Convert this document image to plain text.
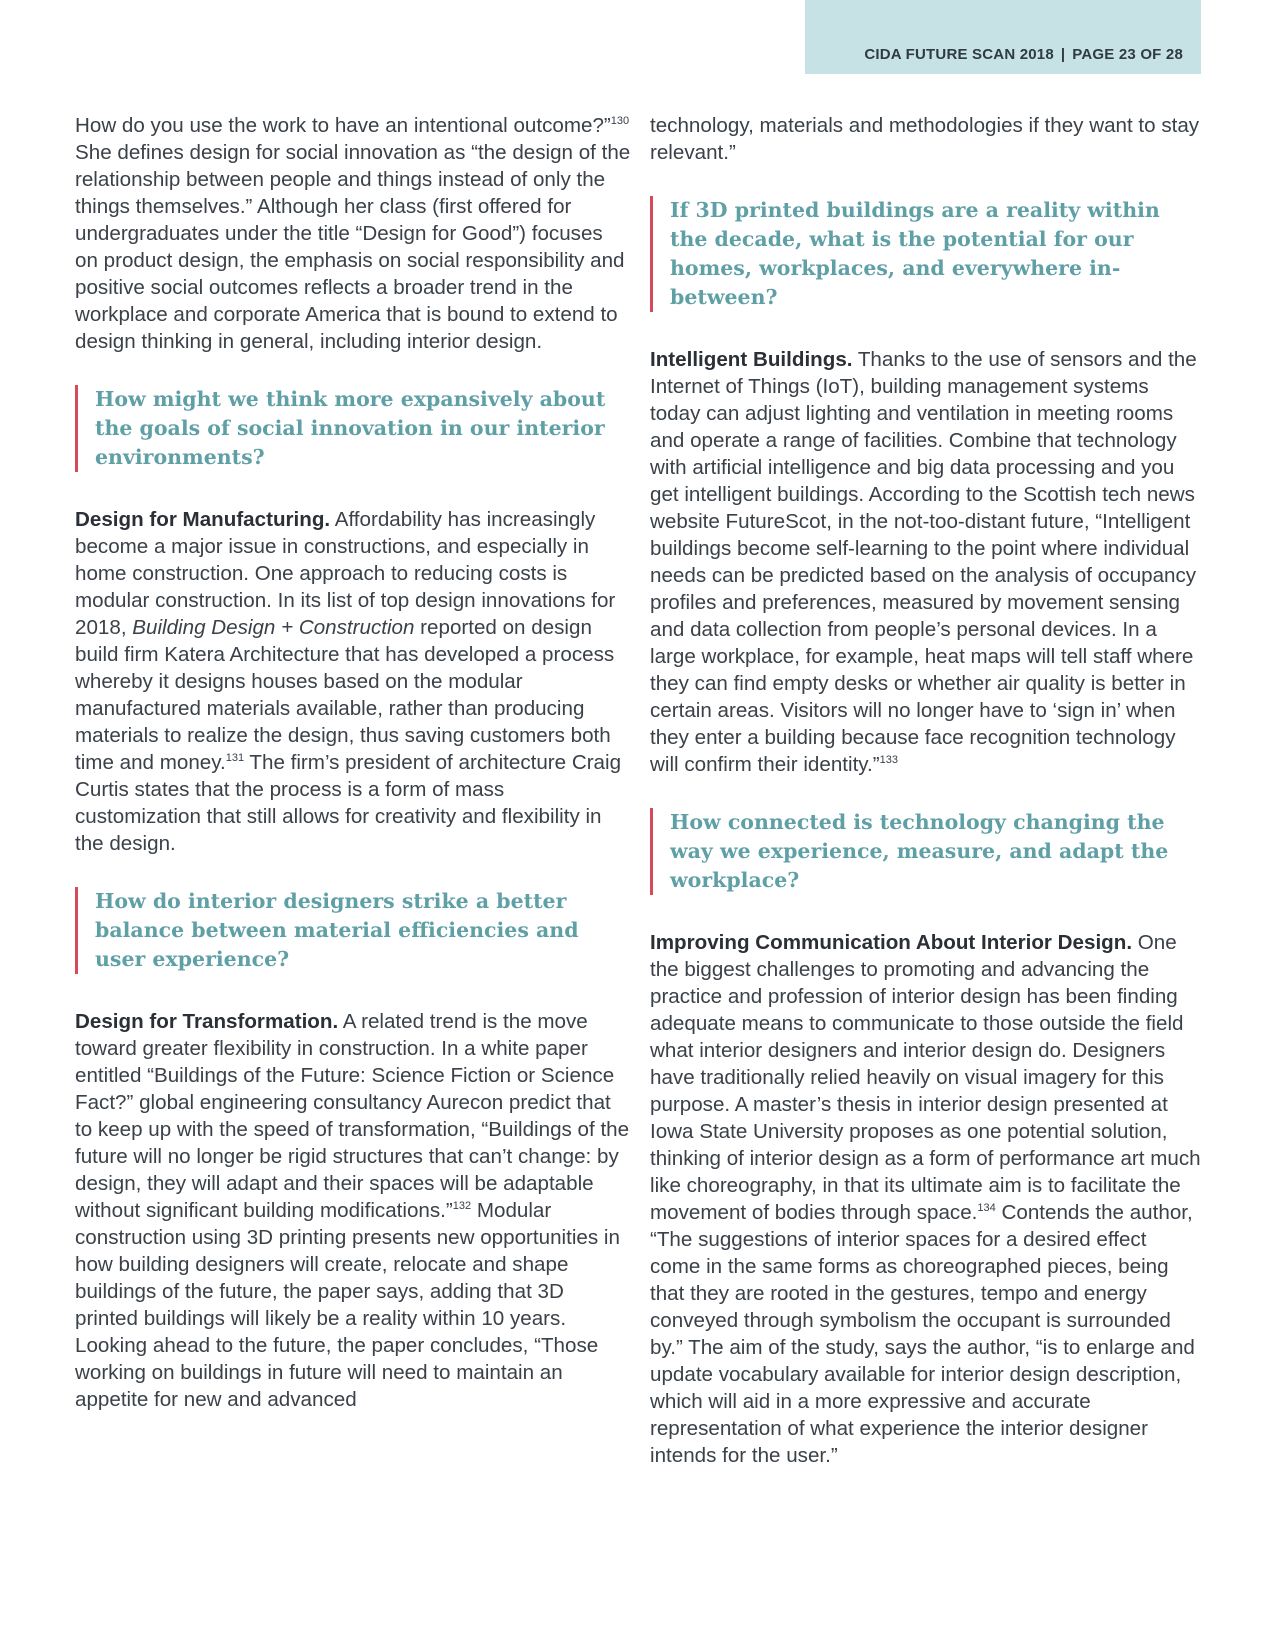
CIDA FUTURE SCAN 2018 | PAGE 23 OF 28

How do you use the work to have an intentional outcome?”$^{130}$ She defines design for social innovation as “the design of the relationship between people and things instead of only the things themselves.” Although her class (first offered for undergraduates under the title “Design for Good”) focuses on product design, the emphasis on social responsibility and positive social outcomes reflects a broader trend in the workplace and corporate America that is bound to extend to design thinking in general, including interior design.

How might we think more expansively about the goals of social innovation in our interior environments?

Design for Manufacturing. Affordability has increasingly become a major issue in constructions, and especially in home construction. One approach to reducing costs is modular construction. In its list of top design innovations for 2018, Building Design + Construction reported on design build firm Katera Architecture that has developed a process whereby it designs houses based on the modular manufactured materials available, rather than producing materials to realize the design, thus saving customers both time and money.$^{131}$ The firm’s president of architecture Craig Curtis states that the process is a form of mass customization that still allows for creativity and flexibility in the design.

How do interior designers strike a better balance between material efficiencies and user experience?

Design for Transformation. A related trend is the move toward greater flexibility in construction. In a white paper entitled “Buildings of the Future: Science Fiction or Science Fact?” global engineering consultancy Aurecon predict that to keep up with the speed of transformation, “Buildings of the future will no longer be rigid structures that can’t change: by design, they will adapt and their spaces will be adaptable without significant building modifications.”$^{132}$ Modular construction using 3D printing presents new opportunities in how building designers will create, relocate and shape buildings of the future, the paper says, adding that 3D printed buildings will likely be a reality within 10 years. Looking ahead to the future, the paper concludes, “Those working on buildings in future will need to maintain an appetite for new and advanced

technology, materials and methodologies if they want to stay relevant.”

If 3D printed buildings are a reality within the decade, what is the potential for our homes, workplaces, and everywhere in-between?

Intelligent Buildings. Thanks to the use of sensors and the Internet of Things (IoT), building management systems today can adjust lighting and ventilation in meeting rooms and operate a range of facilities. Combine that technology with artificial intelligence and big data processing and you get intelligent buildings. According to the Scottish tech news website FutureScot, in the not-too-distant future, “Intelligent buildings become self-learning to the point where individual needs can be predicted based on the analysis of occupancy profiles and preferences, measured by movement sensing and data collection from people’s personal devices. In a large workplace, for example, heat maps will tell staff where they can find empty desks or whether air quality is better in certain areas. Visitors will no longer have to ‘sign in’ when they enter a building because face recognition technology will confirm their identity.”$^{133}$

How connected is technology changing the way we experience, measure, and adapt the workplace?

Improving Communication About Interior Design. One the biggest challenges to promoting and advancing the practice and profession of interior design has been finding adequate means to communicate to those outside the field what interior designers and interior design do. Designers have traditionally relied heavily on visual imagery for this purpose. A master’s thesis in interior design presented at Iowa State University proposes as one potential solution, thinking of interior design as a form of performance art much like choreography, in that its ultimate aim is to facilitate the movement of bodies through space.$^{134}$ Contends the author, “The suggestions of interior spaces for a desired effect come in the same forms as choreographed pieces, being that they are rooted in the gestures, tempo and energy conveyed through symbolism the occupant is surrounded by.” The aim of the study, says the author, “is to enlarge and update vocabulary available for interior design description, which will aid in a more expressive and accurate representation of what experience the interior designer intends for the user.”
